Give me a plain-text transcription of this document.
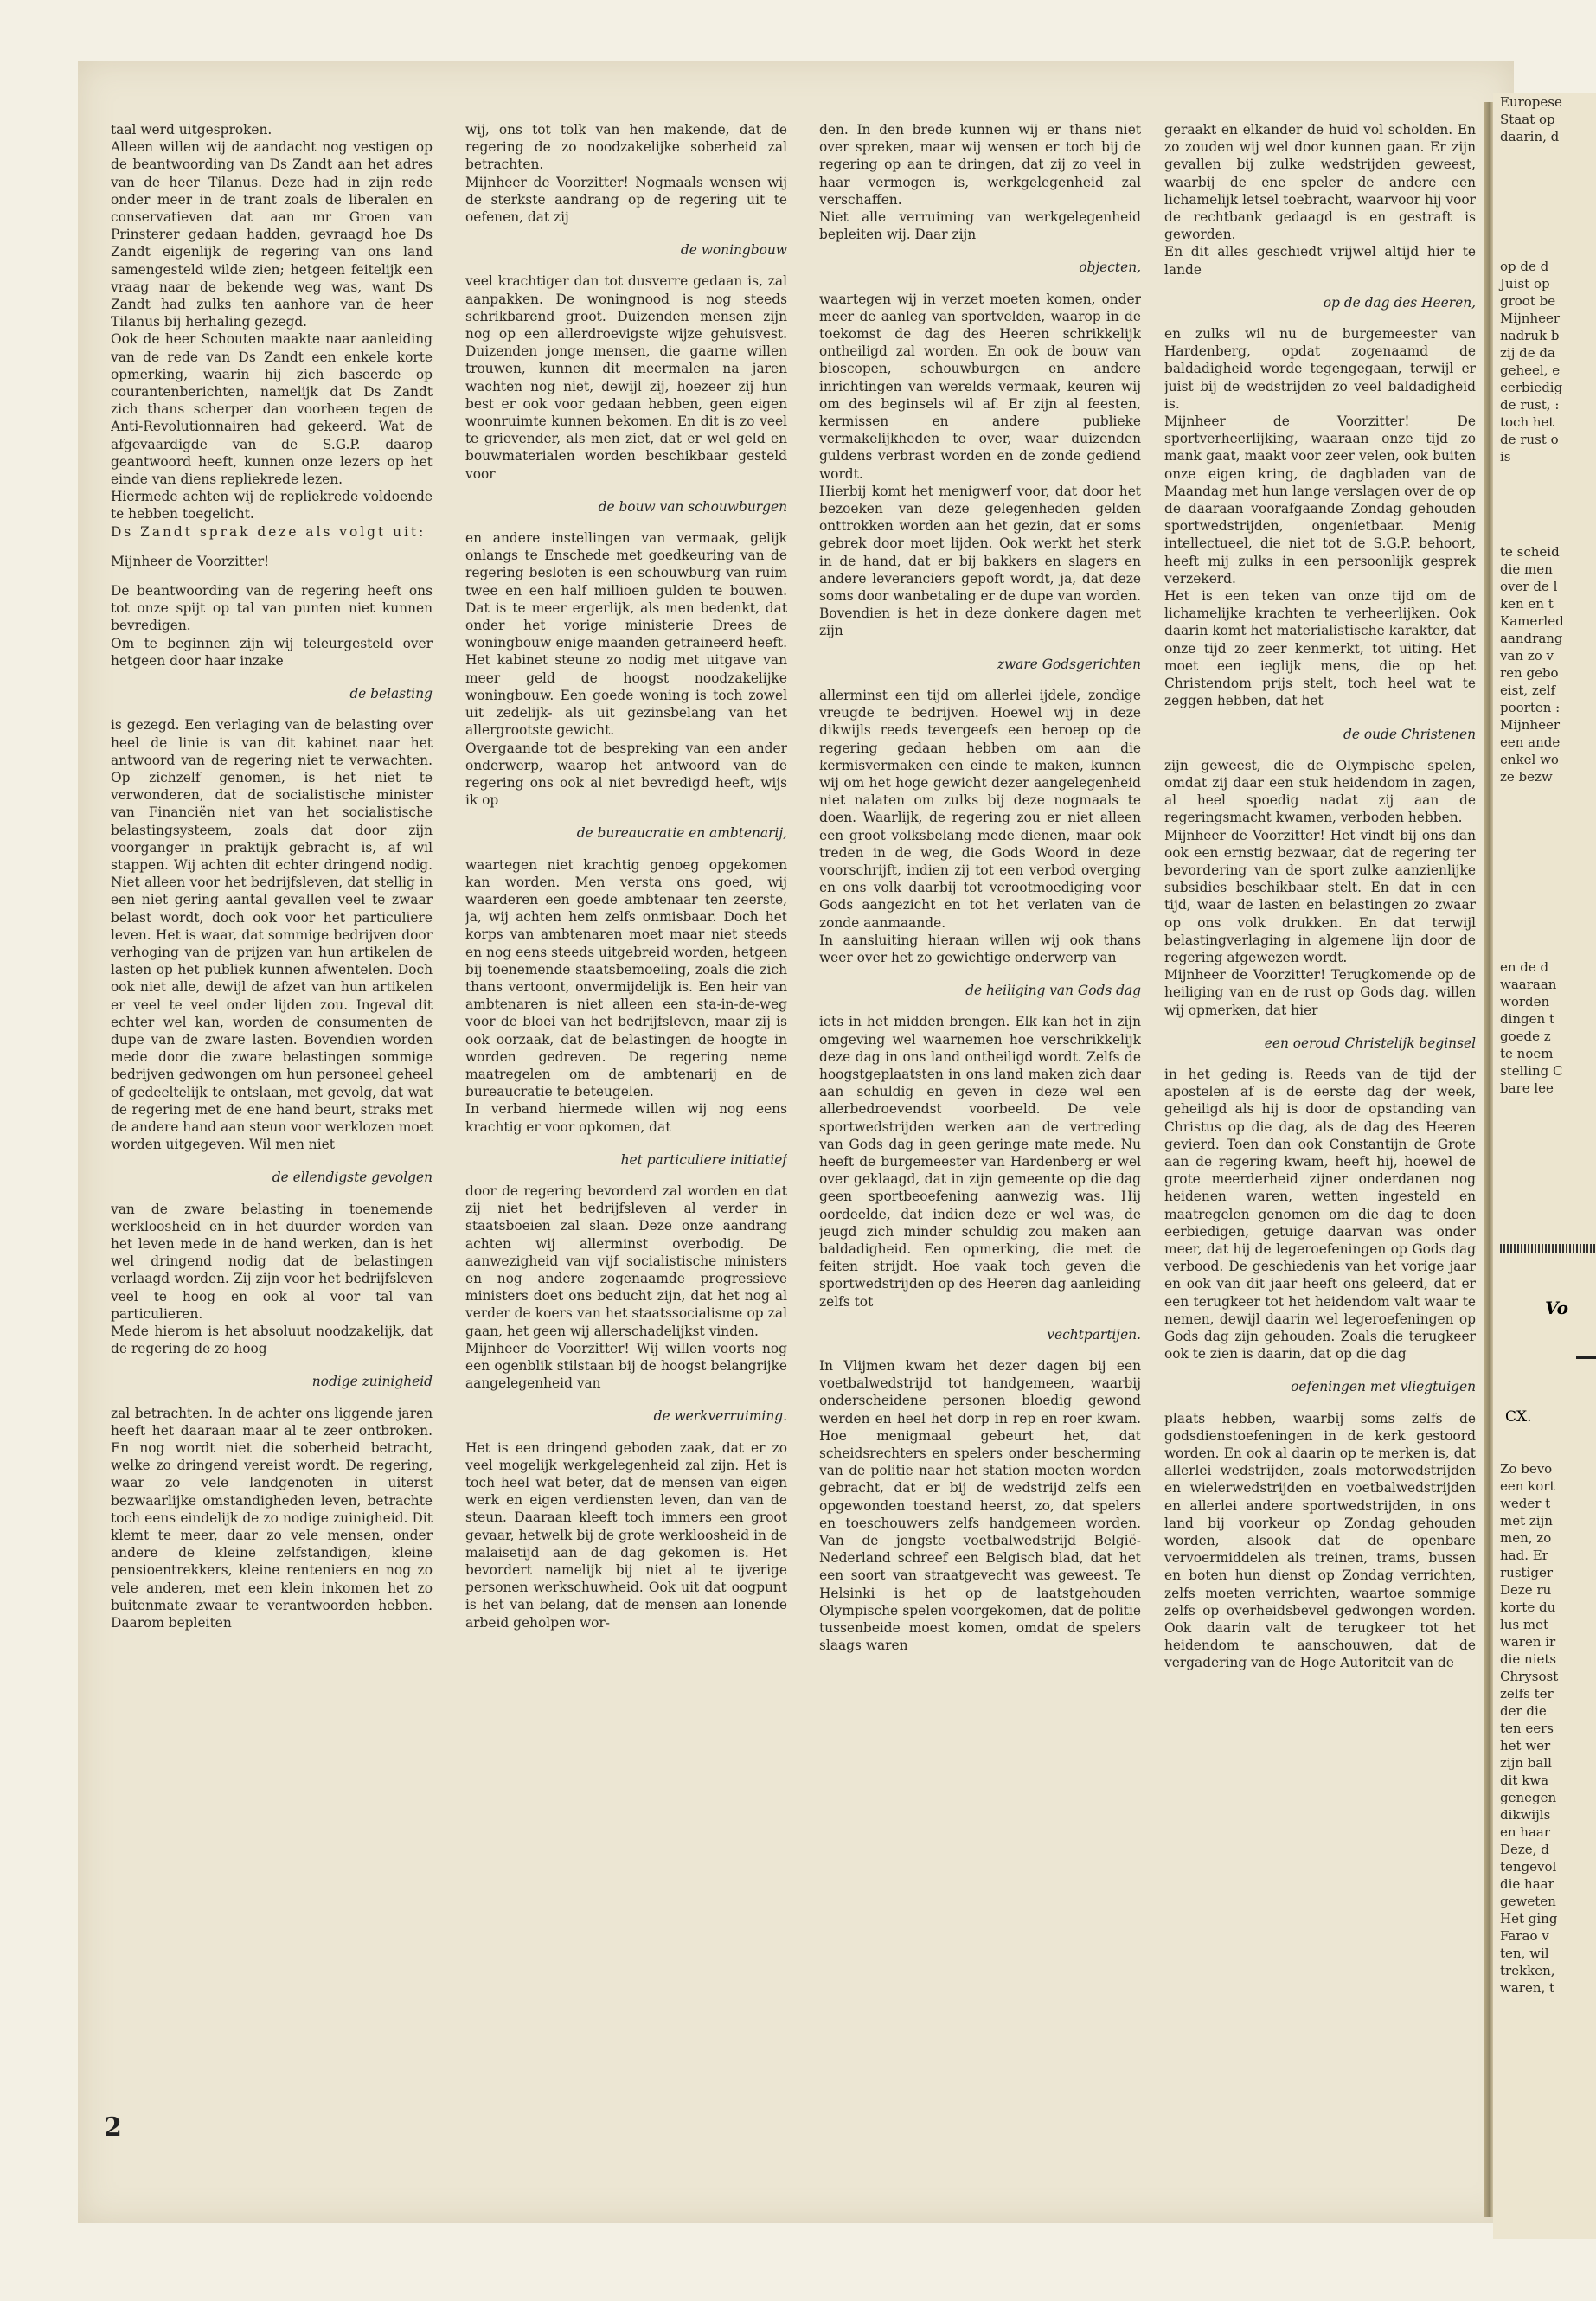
taal werd uitgesproken.

Alleen willen wij de aandacht nog vestigen op de beantwoording van Ds Zandt aan het adres van de heer Tilanus. Deze had in zijn rede onder meer in de trant zoals de liberalen en conservatieven dat aan mr Groen van Prinsterer gedaan hadden, gevraagd hoe Ds Zandt eigenlijk de regering van ons land samengesteld wilde zien; hetgeen feitelijk een vraag naar de bekende weg was, want Ds Zandt had zulks ten aanhore van de heer Tilanus bij herhaling gezegd.

Ook de heer Schouten maakte naar aanleiding van de rede van Ds Zandt een enkele korte opmerking, waarin hij zich baseerde op courantenberichten, namelijk dat Ds Zandt zich thans scherper dan voorheen tegen de Anti-Revolutionnairen had gekeerd. Wat de afgevaardigde van de S.G.P. daarop geantwoord heeft, kunnen onze lezers op het einde van diens repliekrede lezen.

Hiermede achten wij de repliekrede voldoende te hebben toegelicht.

Ds Zandt sprak deze als volgt uit:

Mijnheer de Voorzitter!

De beantwoording van de regering heeft ons tot onze spijt op tal van punten niet kunnen bevredigen.

Om te beginnen zijn wij teleurgesteld over hetgeen door haar inzake

de belasting

is gezegd. Een verlaging van de belasting over heel de linie is van dit kabinet naar het antwoord van de regering niet te verwachten. Op zichzelf genomen, is het niet te verwonderen, dat de socialistische minister van Financiën niet van het socialistische belastingsysteem, zoals dat door zijn voorganger in praktijk gebracht is, af wil stappen. Wij achten dit echter dringend nodig. Niet alleen voor het bedrijfsleven, dat stellig in een niet gering aantal gevallen veel te zwaar belast wordt, doch ook voor het particuliere leven. Het is waar, dat sommige bedrijven door verhoging van de prijzen van hun artikelen de lasten op het publiek kunnen afwentelen. Doch ook niet alle, dewijl de afzet van hun artikelen er veel te veel onder lijden zou. Ingeval dit echter wel kan, worden de consumenten de dupe van de zware lasten. Bovendien worden mede door die zware belastingen sommige bedrijven gedwongen om hun personeel geheel of gedeeltelijk te ontslaan, met gevolg, dat wat de regering met de ene hand beurt, straks met de andere hand aan steun voor werklozen moet worden uitgegeven. Wil men niet

de ellendigste gevolgen

van de zware belasting in toenemende werkloosheid en in het duurder worden van het leven mede in de hand werken, dan is het wel dringend nodig dat de belastingen verlaagd worden. Zij zijn voor het bedrijfsleven veel te hoog en ook al voor tal van particulieren.

Mede hierom is het absoluut noodzakelijk, dat de regering de zo hoog

nodige zuinigheid

zal betrachten. In de achter ons liggende jaren heeft het daaraan maar al te zeer ontbroken. En nog wordt niet die soberheid betracht, welke zo dringend vereist wordt. De regering, waar zo vele landgenoten in uiterst bezwaarlijke omstandigheden leven, betrachte toch eens eindelijk de zo nodige zuinigheid. Dit klemt te meer, daar zo vele mensen, onder andere de kleine zelfstandigen, kleine pensioentrekkers, kleine renteniers en nog zo vele anderen, met een klein inkomen het zo buitenmate zwaar te verantwoorden hebben. Daarom bepleiten

wij, ons tot tolk van hen makende, dat de regering de zo noodzakelijke soberheid zal betrachten.

Mijnheer de Voorzitter! Nogmaals wensen wij de sterkste aandrang op de regering uit te oefenen, dat zij

de woningbouw

veel krachtiger dan tot dusverre gedaan is, zal aanpakken. De woningnood is nog steeds schrikbarend groot. Duizenden mensen zijn nog op een allerdroevigste wijze gehuisvest. Duizenden jonge mensen, die gaarne willen trouwen, kunnen dit meermalen na jaren wachten nog niet, dewijl zij, hoezeer zij hun best er ook voor gedaan hebben, geen eigen woonruimte kunnen bekomen. En dit is zo veel te grievender, als men ziet, dat er wel geld en bouwmaterialen worden beschikbaar gesteld voor

de bouw van schouwburgen

en andere instellingen van vermaak, gelijk onlangs te Enschede met goedkeuring van de regering besloten is een schouwburg van ruim twee en een half millioen gulden te bouwen. Dat is te meer ergerlijk, als men bedenkt, dat onder het vorige ministerie Drees de woningbouw enige maanden getraineerd heeft. Het kabinet steune zo nodig met uitgave van meer geld de hoogst noodzakelijke woningbouw. Een goede woning is toch zowel uit zedelijk- als uit gezinsbelang van het allergrootste gewicht.

Overgaande tot de bespreking van een ander onderwerp, waarop het antwoord van de regering ons ook al niet bevredigd heeft, wijs ik op

de bureaucratie en ambtenarij,

waartegen niet krachtig genoeg opgekomen kan worden. Men versta ons goed, wij waarderen een goede ambtenaar ten zeerste, ja, wij achten hem zelfs onmisbaar. Doch het korps van ambtenaren moet maar niet steeds en nog eens steeds uitgebreid worden, hetgeen bij toenemende staatsbemoeiing, zoals die zich thans vertoont, onvermijdelijk is. Een heir van ambtenaren is niet alleen een sta-in-de-weg voor de bloei van het bedrijfsleven, maar zij is ook oorzaak, dat de belastingen de hoogte in worden gedreven. De regering neme maatregelen om de ambtenarij en de bureaucratie te beteugelen.

In verband hiermede willen wij nog eens krachtig er voor opkomen, dat

het particuliere initiatief

door de regering bevorderd zal worden en dat zij niet het bedrijfsleven al verder in staatsboeien zal slaan. Deze onze aandrang achten wij allerminst overbodig. De aanwezigheid van vijf socialistische ministers en nog andere zogenaamde progressieve ministers doet ons beducht zijn, dat het nog al verder de koers van het staatssocialisme op zal gaan, het geen wij allerschadelijkst vinden.

Mijnheer de Voorzitter! Wij willen voorts nog een ogenblik stilstaan bij de hoogst belangrijke aangelegenheid van

de werkverruiming.

Het is een dringend geboden zaak, dat er zo veel mogelijk werkgelegenheid zal zijn. Het is toch heel wat beter, dat de mensen van eigen werk en eigen verdiensten leven, dan van de steun. Daaraan kleeft toch immers een groot gevaar, hetwelk bij de grote werkloosheid in de malaisetijd aan de dag gekomen is. Het bevordert namelijk bij niet al te ijverige personen werkschuwheid. Ook uit dat oogpunt is het van belang, dat de mensen aan lonende arbeid geholpen wor-

den. In den brede kunnen wij er thans niet over spreken, maar wij wensen er toch bij de regering op aan te dringen, dat zij zo veel in haar vermogen is, werkgelegenheid zal verschaffen.

Niet alle verruiming van werkgelegenheid bepleiten wij. Daar zijn

objecten,

waartegen wij in verzet moeten komen, onder meer de aanleg van sportvelden, waarop in de toekomst de dag des Heeren schrikkelijk ontheiligd zal worden. En ook de bouw van bioscopen, schouwburgen en andere inrichtingen van werelds vermaak, keuren wij om des beginsels wil af. Er zijn al feesten, kermissen en andere publieke vermakelijkheden te over, waar duizenden guldens verbrast worden en de zonde gediend wordt.

Hierbij komt het menigwerf voor, dat door het bezoeken van deze gelegenheden gelden onttrokken worden aan het gezin, dat er soms gebrek door moet lijden. Ook werkt het sterk in de hand, dat er bij bakkers en slagers en andere leveranciers gepoft wordt, ja, dat deze soms door wanbetaling er de dupe van worden. Bovendien is het in deze donkere dagen met zijn

zware Godsgerichten

allerminst een tijd om allerlei ijdele, zondige vreugde te bedrijven. Hoewel wij in deze dikwijls reeds tevergeefs een beroep op de regering gedaan hebben om aan die kermisvermaken een einde te maken, kunnen wij om het hoge gewicht dezer aangelegenheid niet nalaten om zulks bij deze nogmaals te doen. Waarlijk, de regering zou er niet alleen een groot volksbelang mede dienen, maar ook treden in de weg, die Gods Woord in deze voorschrijft, indien zij tot een verbod overging en ons volk daarbij tot verootmoediging voor Gods aangezicht en tot het verlaten van de zonde aanmaande.

In aansluiting hieraan willen wij ook thans weer over het zo gewichtige onderwerp van

de heiliging van Gods dag

iets in het midden brengen. Elk kan het in zijn omgeving wel waarnemen hoe verschrikkelijk deze dag in ons land ontheiligd wordt. Zelfs de hoogstgeplaatsten in ons land maken zich daar aan schuldig en geven in deze wel een allerbedroevendst voorbeeld. De vele sportwedstrijden werken aan de vertreding van Gods dag in geen geringe mate mede. Nu heeft de burgemeester van Hardenberg er wel over geklaagd, dat in zijn gemeente op die dag geen sportbeoefening aanwezig was. Hij oordeelde, dat indien deze er wel was, de jeugd zich minder schuldig zou maken aan baldadigheid. Een opmerking, die met de feiten strijdt. Hoe vaak toch geven die sportwedstrijden op des Heeren dag aanleiding zelfs tot

vechtpartijen.

In Vlijmen kwam het dezer dagen bij een voetbalwedstrijd tot handgemeen, waarbij onderscheidene personen bloedig gewond werden en heel het dorp in rep en roer kwam. Hoe menigmaal gebeurt het, dat scheidsrechters en spelers onder bescherming van de politie naar het station moeten worden gebracht, dat er bij de wedstrijd zelfs een opgewonden toestand heerst, zo, dat spelers en toeschouwers zelfs handgemeen worden. Van de jongste voetbalwedstrijd België-Nederland schreef een Belgisch blad, dat het een soort van straatgevecht was geweest. Te Helsinki is het op de laatstgehouden Olympische spelen voorgekomen, dat de politie tussenbeide moest komen, omdat de spelers slaags waren

geraakt en elkander de huid vol scholden. En zo zouden wij wel door kunnen gaan. Er zijn gevallen bij zulke wedstrijden geweest, waarbij de ene speler de andere een lichamelijk letsel toebracht, waarvoor hij voor de rechtbank gedaagd is en gestraft is geworden.

En dit alles geschiedt vrijwel altijd hier te lande

op de dag des Heeren,

en zulks wil nu de burgemeester van Hardenberg, opdat zogenaamd de baldadigheid worde tegengegaan, terwijl er juist bij de wedstrijden zo veel baldadigheid is.

Mijnheer de Voorzitter! De sportverheerlijking, waaraan onze tijd zo mank gaat, maakt voor zeer velen, ook buiten onze eigen kring, de dagbladen van de Maandag met hun lange verslagen over de op de daaraan voorafgaande Zondag gehouden sportwedstrijden, ongenietbaar. Menig intellectueel, die niet tot de S.G.P. behoort, heeft mij zulks in een persoonlijk gesprek verzekerd.

Het is een teken van onze tijd om de lichamelijke krachten te verheerlijken. Ook daarin komt het materialistische karakter, dat onze tijd zo zeer kenmerkt, tot uiting. Het moet een ieglijk mens, die op het Christendom prijs stelt, toch heel wat te zeggen hebben, dat het

de oude Christenen

zijn geweest, die de Olympische spelen, omdat zij daar een stuk heidendom in zagen, al heel spoedig nadat zij aan de regeringsmacht kwamen, verboden hebben.

Mijnheer de Voorzitter! Het vindt bij ons dan ook een ernstig bezwaar, dat de regering ter bevordering van de sport zulke aanzienlijke subsidies beschikbaar stelt. En dat in een tijd, waar de lasten en belastingen zo zwaar op ons volk drukken. En dat terwijl belastingverlaging in algemene lijn door de regering afgewezen wordt.

Mijnheer de Voorzitter! Terugkomende op de heiliging van en de rust op Gods dag, willen wij opmerken, dat hier

een oeroud Christelijk beginsel

in het geding is. Reeds van de tijd der apostelen af is de eerste dag der week, geheiligd als hij is door de opstanding van Christus op die dag, als de dag des Heeren gevierd. Toen dan ook Constantijn de Grote aan de regering kwam, heeft hij, hoewel de grote meerderheid zijner onderdanen nog heidenen waren, wetten ingesteld en maatregelen genomen om die dag te doen eerbiedigen, getuige daarvan was onder meer, dat hij de legeroefeningen op Gods dag verbood. De geschiedenis van het vorige jaar en ook van dit jaar heeft ons geleerd, dat er een terugkeer tot het heidendom valt waar te nemen, dewijl daarin wel legeroefeningen op Gods dag zijn gehouden. Zoals die terugkeer ook te zien is daarin, dat op die dag

oefeningen met vliegtuigen

plaats hebben, waarbij soms zelfs de godsdienstoefeningen in de kerk gestoord worden. En ook al daarin op te merken is, dat allerlei wedstrijden, zoals motorwedstrijden en wielerwedstrijden en voetbalwedstrijden en allerlei andere sportwedstrijden, in ons land bij voorkeur op Zondag gehouden worden, alsook dat de openbare vervoermiddelen als treinen, trams, bussen en boten hun dienst op Zondag verrichten, zelfs moeten verrichten, waartoe sommige zelfs op overheidsbevel gedwongen worden. Ook daarin valt de terugkeer tot het heidendom te aanschouwen, dat de vergadering van de Hoge Autoriteit van de

2
Europese
Staat op
daarin, d
op de d
Juist op
groot be
Mijnheer
nadruk b
zij de da
geheel, e
eerbiedig
de rust, :
toch het
de rust o
is
te scheid
die men
over de l
ken en t
Kamerled
aandrang
van zo v
ren gebo
eist, zelf
poorten :
Mijnheer
een ande
enkel wo
ze bezw
en de d
waaraan
worden
dingen t
goede z
te noem
stelling C
bare lee
Vo
CX.
Zo bevo
een kort
weder t
met zijn
men, zo
had. Er
rustiger
Deze ru
korte du
lus met
waren ir
die niets
Chrysost
zelfs ter
der die
ten eers
het wer
zijn ball
dit kwa
genegen
dikwijls
en haar
Deze, d
tengevol
die haar
geweten
Het ging
Farao v
ten, wil
trekken,
waren, t
